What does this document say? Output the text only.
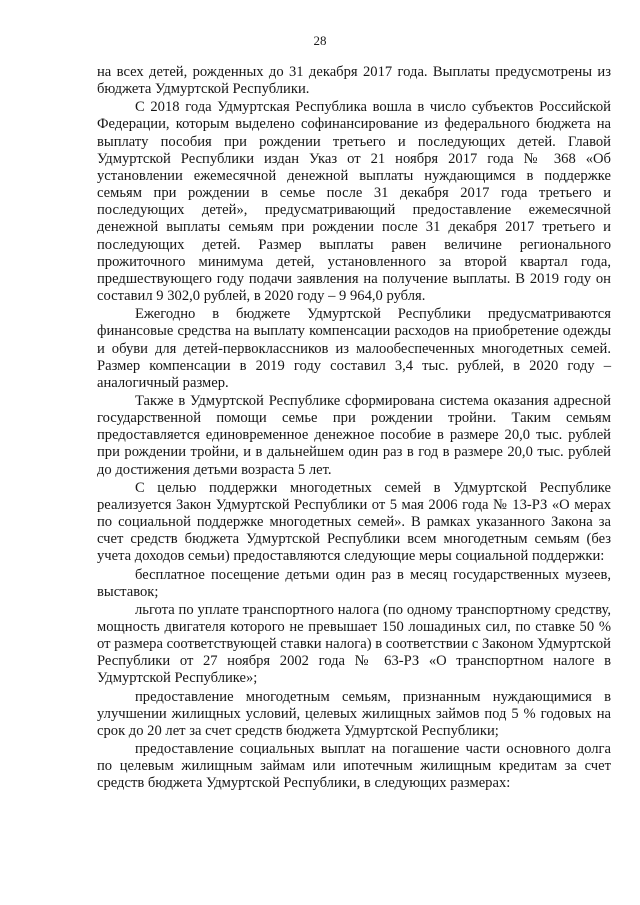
28

на всех детей, рожденных до 31 декабря 2017 года. Выплаты предусмотрены из бюджета Удмуртской Республики.

С 2018 года Удмуртская Республика вошла в число субъектов Российской Федерации, которым выделено софинансирование из федерального бюджета на выплату пособия при рождении третьего и последующих детей. Главой Удмуртской Республики издан Указ от 21 ноября 2017 года № 368 «Об установлении ежемесячной денежной выплаты нуждающимся в поддержке семьям при рождении в семье после 31 декабря 2017 года третьего и последующих детей», предусматривающий предоставление ежемесячной денежной выплаты семьям при рождении после 31 декабря 2017 третьего и последующих детей. Размер выплаты равен величине регионального прожиточного минимума детей, установленного за второй квартал года, предшествующего году подачи заявления на получение выплаты. В 2019 году он составил 9 302,0 рублей, в 2020 году – 9 964,0 рубля.

Ежегодно в бюджете Удмуртской Республики предусматриваются финансовые средства на выплату компенсации расходов на приобретение одежды и обуви для детей-первоклассников из малообеспеченных многодетных семей. Размер компенсации в 2019 году составил 3,4 тыс. рублей, в 2020 году – аналогичный размер.

Также в Удмуртской Республике сформирована система оказания адресной государственной помощи семье при рождении тройни. Таким семьям предоставляется единовременное денежное пособие в размере 20,0 тыс. рублей при рождении тройни, и в дальнейшем один раз в год в размере 20,0 тыс. рублей до достижения детьми возраста 5 лет.

С целью поддержки многодетных семей в Удмуртской Республике реализуется Закон Удмуртской Республики от 5 мая 2006 года № 13-РЗ «О мерах по социальной поддержке многодетных семей». В рамках указанного Закона за счет средств бюджета Удмуртской Республики всем многодетным семьям (без учета доходов семьи) предоставляются следующие меры социальной поддержки:

бесплатное посещение детьми один раз в месяц государственных музеев, выставок;

льгота по уплате транспортного налога (по одному транспортному средству, мощность двигателя которого не превышает 150 лошадиных сил, по ставке 50 % от размера соответствующей ставки налога) в соответствии с Законом Удмуртской Республики от 27 ноября 2002 года № 63-РЗ «О транспортном налоге в Удмуртской Республике»;

предоставление многодетным семьям, признанным нуждающимися в улучшении жилищных условий, целевых жилищных займов под 5 % годовых на срок до 20 лет за счет средств бюджета Удмуртской Республики;

предоставление социальных выплат на погашение части основного долга по целевым жилищным займам или ипотечным жилищным кредитам за счет средств бюджета Удмуртской Республики, в следующих размерах:
